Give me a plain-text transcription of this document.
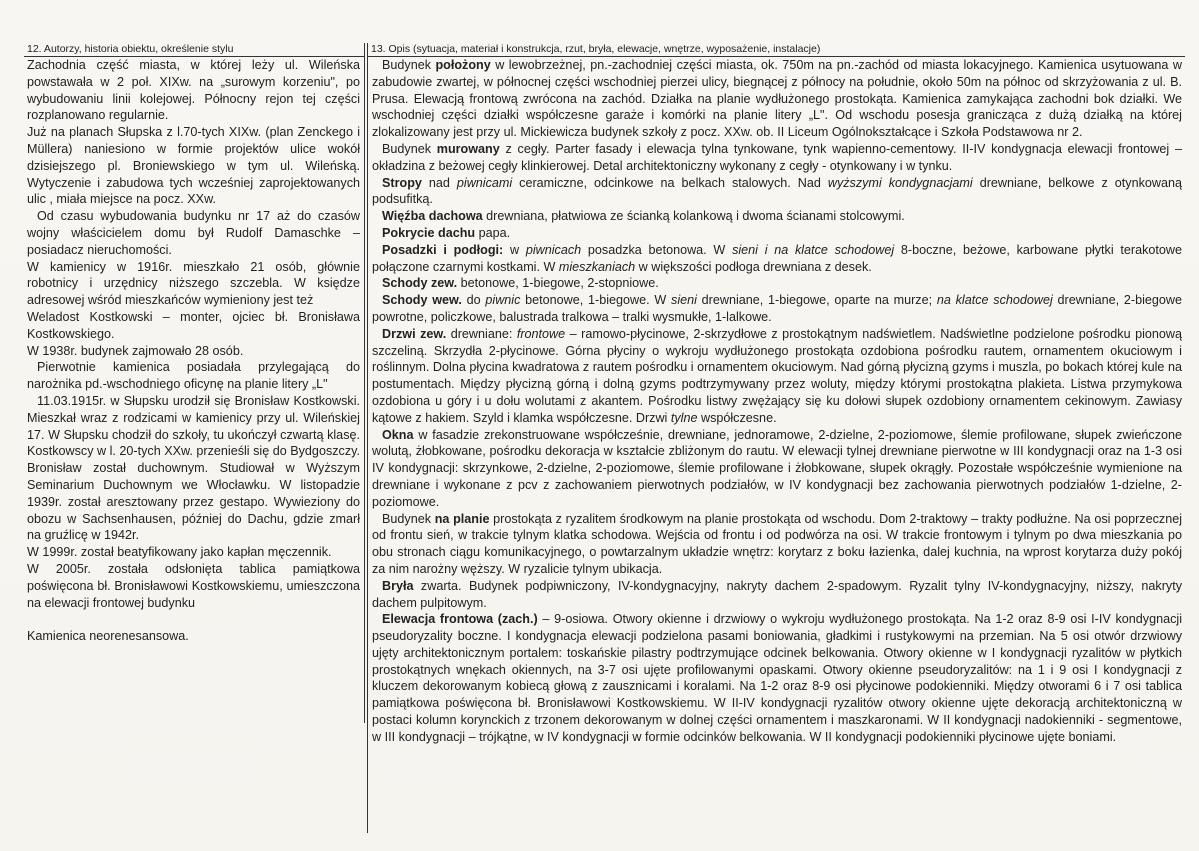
12. Autorzy, historia obiektu, określenie stylu

Zachodnia część miasta, w której leży ul. Wileńska powstawała w 2 poł. XIXw. na „surowym korzeniu", po wybudowaniu linii kolejowej. Północny rejon tej części rozplanowano regularnie.

Już na planach Słupska z l.70-tych XIXw. (plan Zenckego i Müllera) naniesiono w formie projektów ulice wokół dzisiejszego pl. Broniewskiego w tym ul. Wileńską. Wytyczenie i zabudowa tych wcześniej zaprojektowanych ulic , miała miejsce na pocz. XXw.

Od czasu wybudowania budynku nr 17 aż do czasów wojny właścicielem domu był Rudolf Damaschke – posiadacz nieruchomości.

W kamienicy w 1916r. mieszkało 21 osób, głównie robotnicy i urzędnicy niższego szczebla. W księdze adresowej wśród mieszkańców wymieniony jest też

Weladost Kostkowski – monter, ojciec bł. Bronisława Kostkowskiego.

W 1938r. budynek zajmowało 28 osób.

Pierwotnie kamienica posiadała przylegającą do narożnika pd.-wschodniego oficynę na planie litery „L"

11.03.1915r. w Słupsku urodził się Bronisław Kostkowski. Mieszkał wraz z rodzicami w kamienicy przy ul. Wileńskiej 17. W Słupsku chodził do szkoły, tu ukończył czwartą klasę. Kostkowscy w l. 20-tych XXw. przenieśli się do Bydgoszczy. Bronisław został duchownym. Studiował w Wyższym Seminarium Duchownym we Włocławku. W listopadzie 1939r. został aresztowany przez gestapo. Wywieziony do obozu w Sachsenhausen, później do Dachu, gdzie zmarł na gruźlicę w 1942r.

W 1999r. został beatyfikowany jako kapłan męczennik.

W 2005r. została odsłonięta tablica pamiątkowa poświęcona bł. Bronisławowi Kostkowskiemu, umieszczona na elewacji frontowej budynku

Kamienica neorenesansowa.

13. Opis (sytuacja, materiał i konstrukcja, rzut, bryła, elewacje, wnętrze, wyposażenie, instalacje)

Budynek położony w lewobrzeżnej, pn.-zachodniej części miasta, ok. 750m na pn.-zachód od miasta lokacyjnego. Kamienica usytuowana w zabudowie zwartej, w północnej części wschodniej pierzei ulicy, biegnącej z północy na południe, około 50m na północ od skrzyżowania z ul. B. Prusa. Elewacją frontową zwrócona na zachód. Działka na planie wydłużonego prostokąta. Kamienica zamykająca zachodni bok działki. We wschodniej części działki współczesne garaże i komórki na planie litery „L". Od wschodu posesja granicząca z dużą działką na której zlokalizowany jest przy ul. Mickiewicza budynek szkoły z pocz. XXw. ob. II Liceum Ogólnokształcące i Szkoła Podstawowa nr 2.

Budynek murowany z cegły. Parter fasady i elewacja tylna tynkowane, tynk wapienno-cementowy. II-IV kondygnacja elewacji frontowej – okładzina z beżowej cegły klinkierowej. Detal architektoniczny wykonany z cegły - otynkowany i w tynku.

Stropy nad piwnicami ceramiczne, odcinkowe na belkach stalowych. Nad wyższymi kondygnacjami drewniane, belkowe z otynkowaną podsufitką.

Więźba dachowa drewniana, płatwiowa ze ścianką kolankową i dwoma ścianami stolcowymi.

Pokrycie dachu papa.

Posadzki i podłogi: w piwnicach posadzka betonowa. W sieni i na klatce schodowej 8-boczne, beżowe, karbowane płytki terakotowe połączone czarnymi kostkami. W mieszkaniach w większości podłoga drewniana z desek.

Schody zew. betonowe, 1-biegowe, 2-stopniowe.

Schody wew. do piwnic betonowe, 1-biegowe. W sieni drewniane, 1-biegowe, oparte na murze; na klatce schodowej drewniane, 2-biegowe powrotne, policzkowe, balustrada tralkowa – tralki wysmukłe, 1-lalkowe.

Drzwi zew. drewniane: frontowe – ramowo-płycinowe, 2-skrzydłowe z prostokątnym nadświetlem. Nadświetlne podzielone pośrodku pionową szczeliną. Skrzydła 2-płycinowe. Górna płyciny o wykroju wydłużonego prostokąta ozdobiona pośrodku rautem, ornamentem okuciowym i roślinnym. Dolna płycina kwadratowa z rautem pośrodku i ornamentem okuciowym. Nad górną płycizną gzyms i muszla, po bokach której kule na postumentach. Między płycizną górną i dolną gzyms podtrzymywany przez woluty, między którymi prostokątna plakieta. Listwa przymykowa ozdobiona u góry i u dołu wolutami z akantem. Pośrodku listwy zwężający się ku dołowi słupek ozdobiony ornamentem cekinowym. Zawiasy kątowe z hakiem. Szyld i klamka współczesne. Drzwi tylne współczesne.

Okna w fasadzie zrekonstruowane współcześnie, drewniane, jednoramowe, 2-dzielne, 2-poziomowe, ślemie profilowane, słupek zwieńczone wolutą, żłobkowane, pośrodku dekoracja w kształcie zbliżonym do rautu. W elewacji tylnej drewniane pierwotne w III kondygnacji oraz na 1-3 osi IV kondygnacji: skrzynkowe, 2-dzielne, 2-poziomowe, ślemie profilowane i żłobkowane, słupek okrągły. Pozostałe współcześnie wymienione na drewniane i wykonane z pcv z zachowaniem pierwotnych podziałów, w IV kondygnacji bez zachowania pierwotnych podziałów 1-dzielne, 2-poziomowe.

Budynek na planie prostokąta z ryzalitem środkowym na planie prostokąta od wschodu. Dom 2-traktowy – trakty podłużne. Na osi poprzecznej od frontu sień, w trakcie tylnym klatka schodowa. Wejścia od frontu i od podwórza na osi. W trakcie frontowym i tylnym po dwa mieszkania po obu stronach ciągu komunikacyjnego, o powtarzalnym układzie wnętrz: korytarz z boku łazienka, dalej kuchnia, na wprost korytarza duży pokój za nim narożny węższy. W ryzalicie tylnym ubikacja.

Bryła zwarta. Budynek podpiwniczony, IV-kondygnacyjny, nakryty dachem 2-spadowym. Ryzalit tylny IV-kondygnacyjny, niższy, nakryty dachem pulpitowym.

Elewacja frontowa (zach.) – 9-osiowa. Otwory okienne i drzwiowy o wykroju wydłużonego prostokąta. Na 1-2 oraz 8-9 osi I-IV kondygnacji pseudoryzality boczne. I kondygnacja elewacji podzielona pasami boniowania, gładkimi i rustykowymi na przemian. Na 5 osi otwór drzwiowy ujęty architektonicznym portalem: toskańskie pilastry podtrzymujące odcinek belkowania. Otwory okienne w I kondygnacji ryzalitów w płytkich prostokątnych wnękach okiennych, na 3-7 osi ujęte profilowanymi opaskami. Otwory okienne pseudoryzalitów: na 1 i 9 osi I kondygnacji z kluczem dekorowanym kobiecą głową z zausznicami i koralami. Na 1-2 oraz 8-9 osi płycinowe podokienniki. Między otworami 6 i 7 osi tablica pamiątkowa poświęcona bł. Bronisławowi Kostkowskiemu. W II-IV kondygnacji ryzalitów otwory okienne ujęte dekoracją architektoniczną w postaci kolumn korynckich z trzonem dekorowanym w dolnej części ornamentem i maszkaronami. W II kondygnacji nadokienniki - segmentowe, w III kondygnacji – trójkątne, w IV kondygnacji w formie odcinków belkowania. W II kondygnacji podokienniki płycinowe ujęte boniami.
